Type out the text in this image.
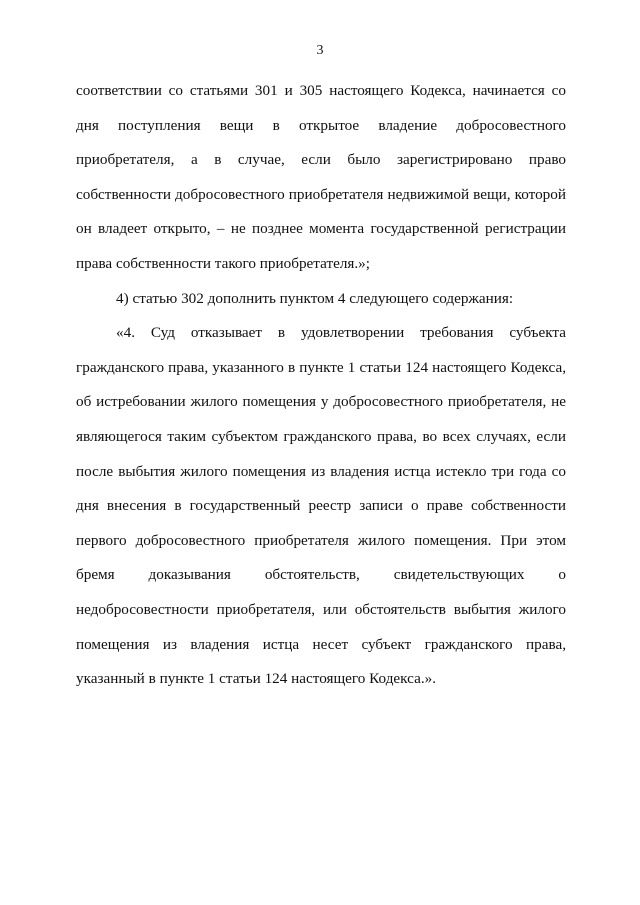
3
соответствии со статьями 301 и 305 настоящего Кодекса, начинается со
дня поступления вещи в открытое владение добросовестного
приобретателя, а в случае, если было зарегистрировано право
собственности добросовестного приобретателя недвижимой вещи, которой
он владеет открыто, – не позднее момента государственной регистрации
права собственности такого приобретателя.»;
4) статью 302 дополнить пунктом 4 следующего содержания:
«4. Суд отказывает в удовлетворении требования субъекта
гражданского права, указанного в пункте 1 статьи 124 настоящего Кодекса,
об истребовании жилого помещения у добросовестного приобретателя, не
являющегося таким субъектом гражданского права, во всех случаях, если
после выбытия жилого помещения из владения истца истекло три года со
дня внесения в государственный реестр записи о праве собственности
первого добросовестного приобретателя жилого помещения. При этом
бремя доказывания обстоятельств, свидетельствующих о
недобросовестности приобретателя, или обстоятельств выбытия жилого
помещения из владения истца несет субъект гражданского права,
указанный в пункте 1 статьи 124 настоящего Кодекса.».
